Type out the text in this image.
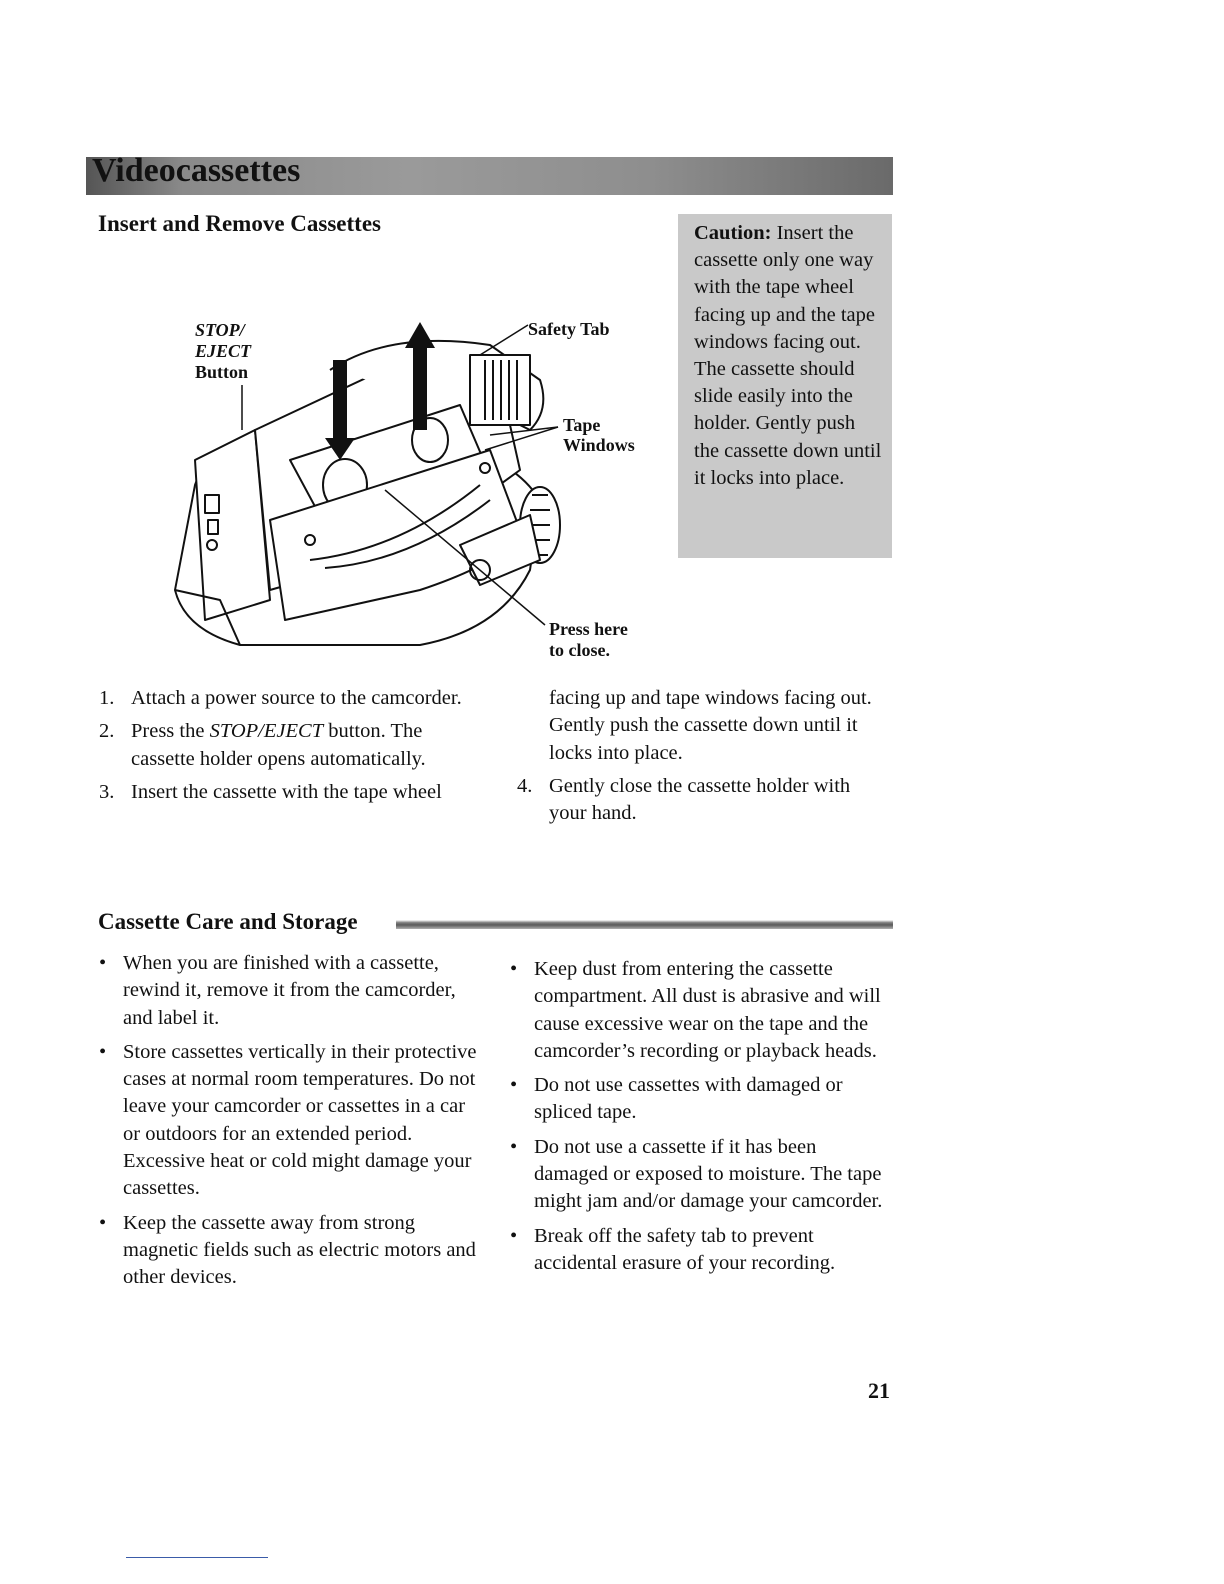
Videocassettes
Insert and Remove Cassettes	Caution: Insert the cassette only one way with the tape wheel facing up and the tape windows facing out. The cassette should slide easily into the holder. Gently push the cassette down until it locks into place.
STOP/
EJECT
Button
Safety Tab
Tape
Windows
Press here
to close.
1. Attach a power source to the camcorder.
2. Press the STOP/EJECT button. The cassette holder opens automatically.
3. Insert the cassette with the tape wheel
facing up and tape windows facing out. Gently push the cassette down until it locks into place.
4. Gently close the cassette holder with your hand.
Cassette Care and Storage
• When you are finished with a cassette, rewind it, remove it from the camcorder, and label it.
• Store cassettes vertically in their protective cases at normal room temperatures. Do not leave your camcorder or cassettes in a car or outdoors for an extended period. Excessive heat or cold might damage your cassettes.
• Keep the cassette away from strong magnetic fields such as electric motors and other devices.
• Keep dust from entering the cassette compartment. All dust is abrasive and will cause excessive wear on the tape and the camcorder’s recording or playback heads.
• Do not use cassettes with damaged or spliced tape.
• Do not use a cassette if it has been damaged or exposed to moisture. The tape might jam and/or damage your camcorder.
• Break off the safety tab to prevent accidental erasure of your recording.
21
